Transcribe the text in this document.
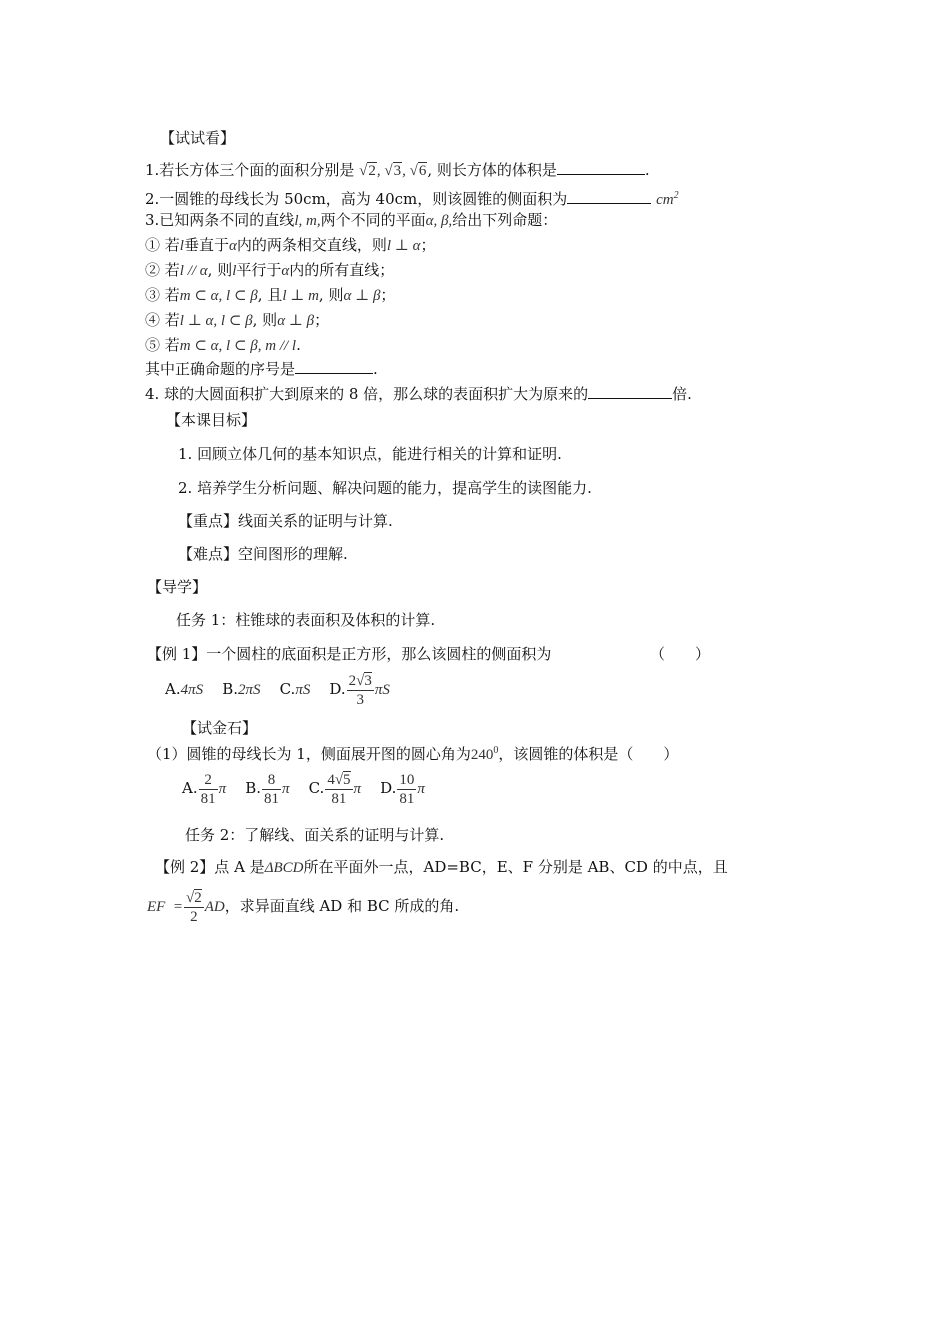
【试试看】
1.若长方体三个面的面积分别是 √2, √3, √6, 则长方体的体积是	.
2.一圆锥的母线长为 50cm，高为 40cm，则该圆锥的侧面积为	$cm^2$
3.已知两条不同的直线l, m,两个不同的平面α, β,给出下列命题：
① 若l垂直于α内的两条相交直线，则l ⊥ α；
② 若l // α, 则l平行于α内的所有直线；
③ 若m ⊂ α, l ⊂ β, 且l ⊥ m, 则α ⊥ β；
④ 若l ⊥ α, l ⊂ β, 则α ⊥ β；
⑤ 若m ⊂ α, l ⊂ β, m // l.
其中正确命题的序号是	.
4. 球的大圆面积扩大到原来的 8 倍，那么球的表面积扩大为原来的	倍.
【本课目标】
1. 回顾立体几何的基本知识点，能进行相关的计算和证明.
2. 培养学生分析问题、解决问题的能力，提高学生的读图能力.
【重点】线面关系的证明与计算.
【难点】空间图形的理解.
【导学】
任务 1：柱锥球的表面积及体积的计算.
【例 1】一个圆柱的底面积是正方形，那么该圆柱的侧面积为	（　　）
A.4πS B.2πS C.πS D. $\frac{2√3}{3}$ πS
【试金石】
（1）圆锥的母线长为 1，侧面展开图的圆心角为$240^0$，该圆锥的体积是（　　）
A. $\frac{2}{81}$ π B. $\frac{8}{81}$ π C. $\frac{4√5}{81}$ π D. $\frac{10}{81}$ π
任务 2：了解线、面关系的证明与计算.
【例 2】点 A 是ΔBCD所在平面外一点，AD=BC，E、F 分别是 AB、CD 的中点，且
EF  = $\frac{√2}{2}$ AD，求异面直线 AD 和 BC 所成的角.
